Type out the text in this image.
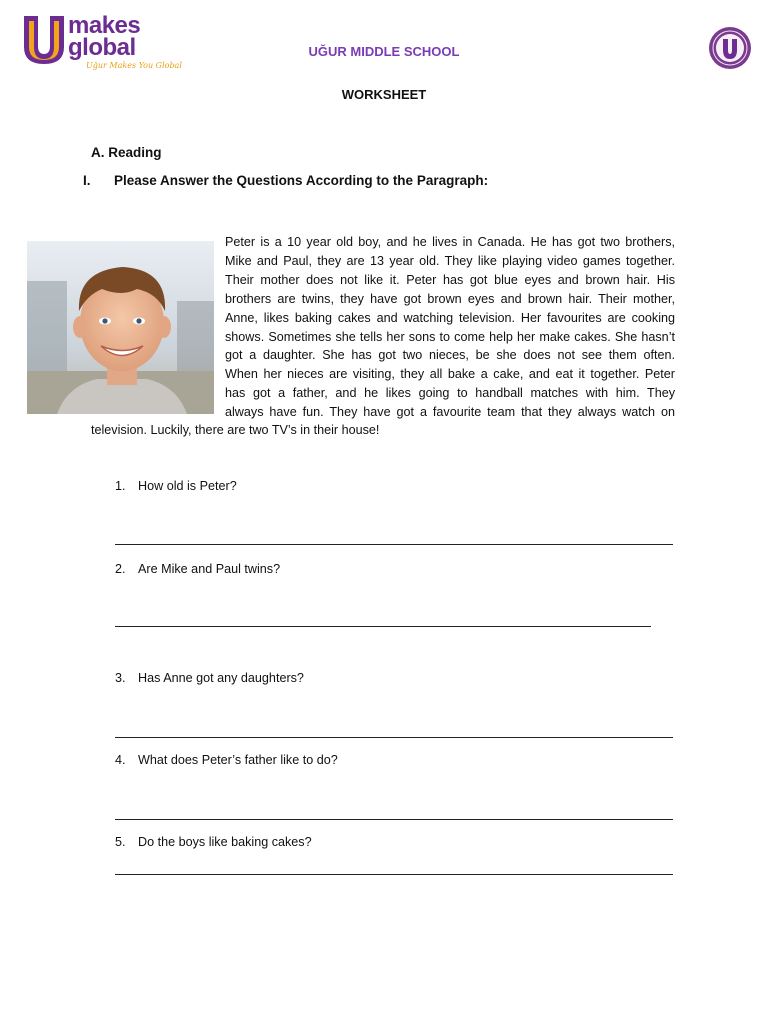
makes
global
Uğur Makes You Global
UĞUR MIDDLE SCHOOL
WORKSHEET
A. Reading
I. Please Answer the Questions According to the Paragraph:
Peter is a 10 year old boy, and he lives in Canada. He has got two brothers,
Mike and Paul, they are 13 year old. They like playing video games together.
Their mother does not like it. Peter has got blue eyes and brown hair. His
brothers are twins, they have got brown eyes and brown hair. Their mother,
Anne, likes baking cakes and watching television. Her favourites are cooking
shows. Sometimes she tells her sons to come help her make cakes. She hasn’t
got a daughter. She has got two nieces, be she does not see them often.
When her nieces are visiting, they all bake a cake, and eat it together. Peter
has got a father, and he likes going to handball matches with him. They
always have fun. They have got a favourite team that they always watch on
television. Luckily, there are two TV’s in their house!
1. How old is Peter?
2. Are Mike and Paul twins?
3. Has Anne got any daughters?
4. What does Peter’s father like to do?
5. Do the boys like baking cakes?
